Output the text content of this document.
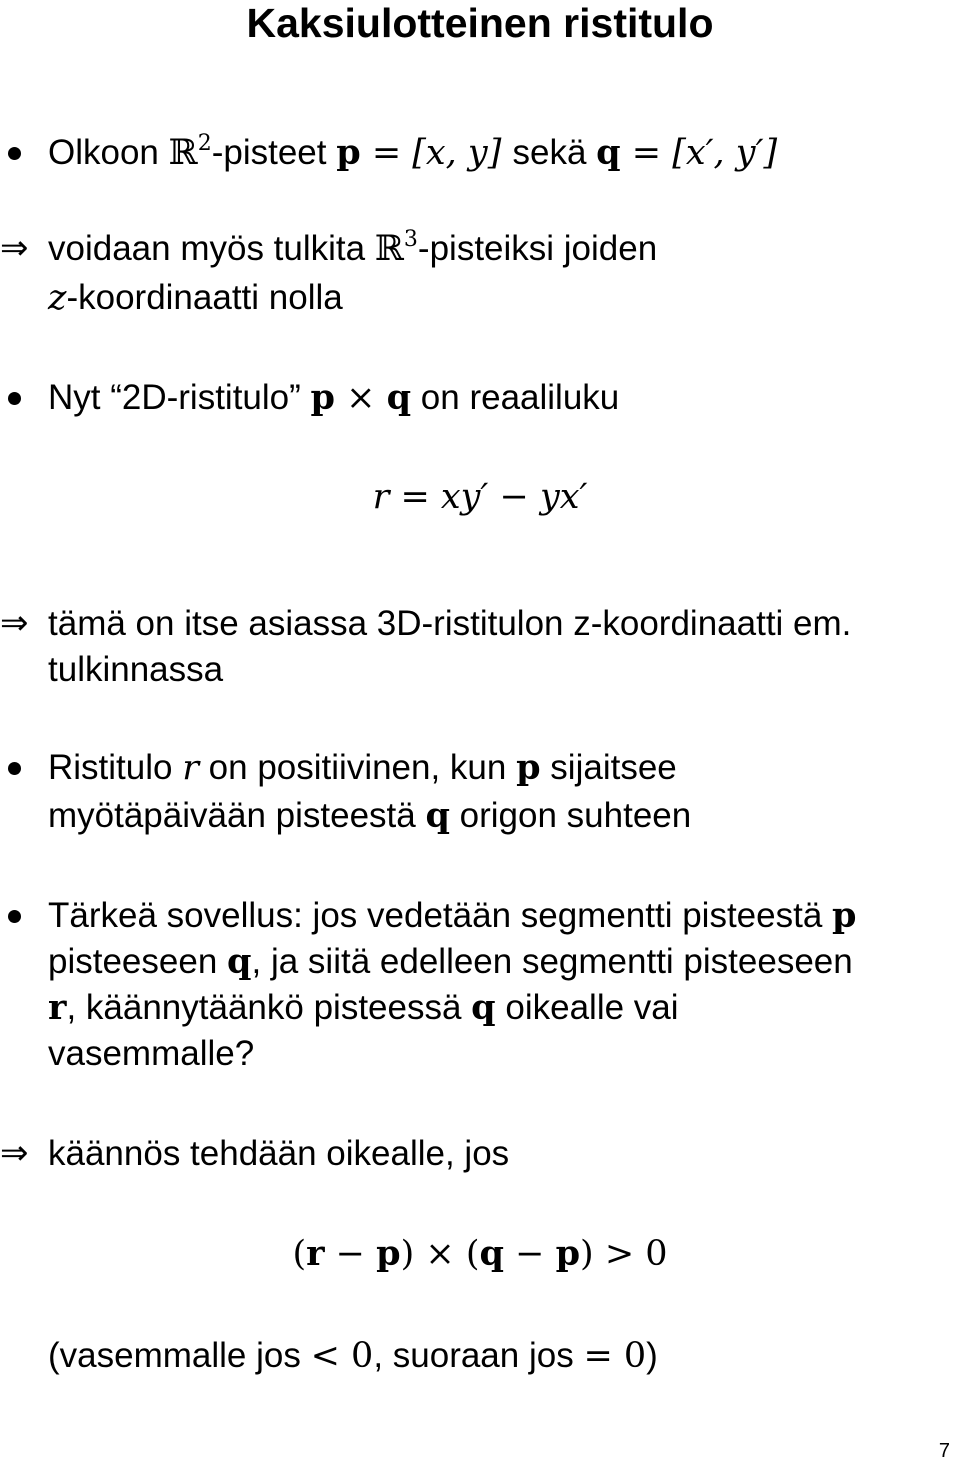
Kaksiulotteinen ristitulo
Olkoon ℝ$^2$-pisteet p = [x, y] sekä q = [x′, y′]
⇒ voidaan myös tulkita ℝ$^3$-pisteiksi joiden
z-koordinaatti nolla
Nyt “2D-ristitulo” p × q on reaaliluku
r = xy′ − yx′
⇒ tämä on itse asiassa 3D-ristitulon z-koordinaatti em.
tulkinnassa
Ristitulo r on positiivinen, kun p sijaitsee
myötäpäivään pisteestä q origon suhteen
Tärkeä sovellus: jos vedetään segmentti pisteestä p
pisteeseen q, ja siitä edelleen segmentti pisteeseen
r, käännytäänkö pisteessä q oikealle vai
vasemmalle?
⇒ käännös tehdään oikealle, jos
(r − p) × (q − p) > 0
(vasemmalle jos < 0, suoraan jos = 0)
7
